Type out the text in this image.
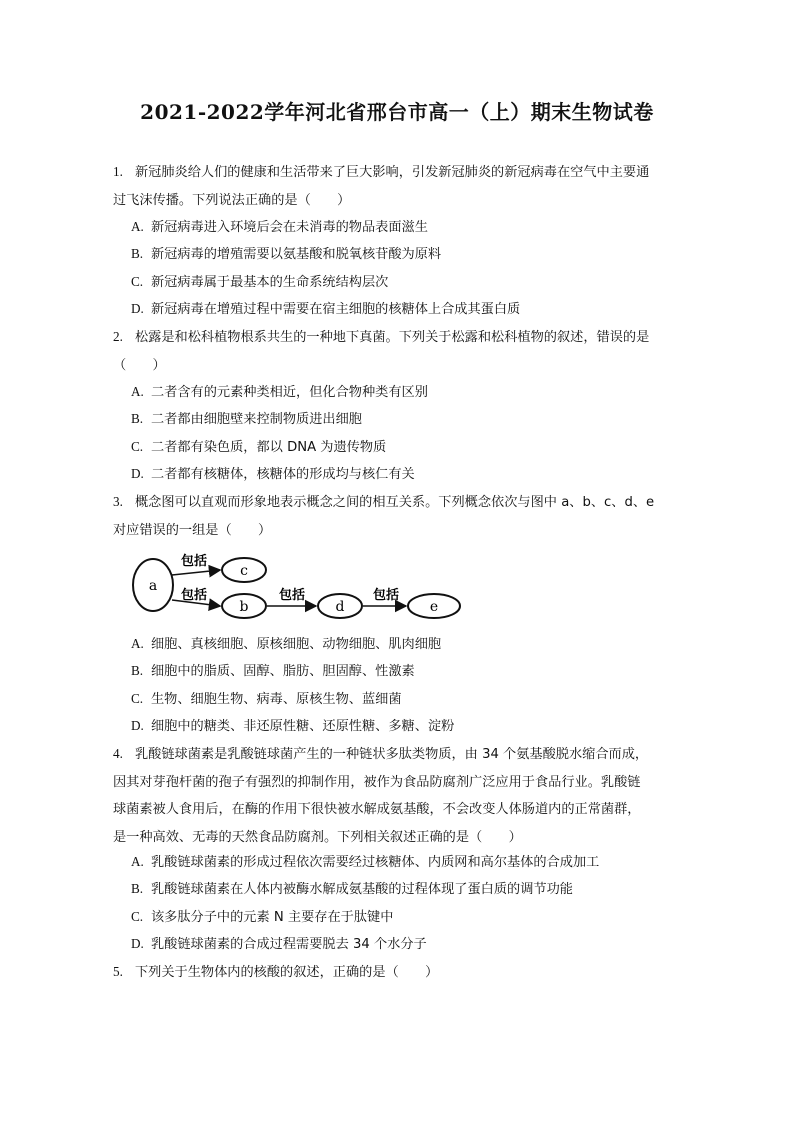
2021-2022学年河北省邢台市高一（上）期末生物试卷
1. 新冠肺炎给人们的健康和生活带来了巨大影响，引发新冠肺炎的新冠病毒在空气中主要通
过飞沫传播。下列说法正确的是（　　）
A. 新冠病毒进入环境后会在未消毒的物品表面滋生
B. 新冠病毒的增殖需要以氨基酸和脱氧核苷酸为原料
C. 新冠病毒属于最基本的生命系统结构层次
D. 新冠病毒在增殖过程中需要在宿主细胞的核糖体上合成其蛋白质
2. 松露是和松科植物根系共生的一种地下真菌。下列关于松露和松科植物的叙述，错误的是
（　　）
A. 二者含有的元素种类相近，但化合物种类有区别
B. 二者都由细胞壁来控制物质进出细胞
C. 二者都有染色质，都以 DNA 为遗传物质
D. 二者都有核糖体，核糖体的形成均与核仁有关
3. 概念图可以直观而形象地表示概念之间的相互关系。下列概念依次与图中 a、b、c、d、e
对应错误的一组是（　　）
a
c
b	d	e
包括
包括	包括	包括
A. 细胞、真核细胞、原核细胞、动物细胞、肌肉细胞
B. 细胞中的脂质、固醇、脂肪、胆固醇、性激素
C. 生物、细胞生物、病毒、原核生物、蓝细菌
D. 细胞中的糖类、非还原性糖、还原性糖、多糖、淀粉
4. 乳酸链球菌素是乳酸链球菌产生的一种链状多肽类物质，由 34 个氨基酸脱水缩合而成，
因其对芽孢杆菌的孢子有强烈的抑制作用，被作为食品防腐剂广泛应用于食品行业。乳酸链
球菌素被人食用后，在酶的作用下很快被水解成氨基酸，不会改变人体肠道内的正常菌群，
是一种高效、无毒的天然食品防腐剂。下列相关叙述正确的是（　　）
A. 乳酸链球菌素的形成过程依次需要经过核糖体、内质网和高尔基体的合成加工
B. 乳酸链球菌素在人体内被酶水解成氨基酸的过程体现了蛋白质的调节功能
C. 该多肽分子中的元素 N 主要存在于肽键中
D. 乳酸链球菌素的合成过程需要脱去 34 个水分子
5. 下列关于生物体内的核酸的叙述，正确的是（　　）
